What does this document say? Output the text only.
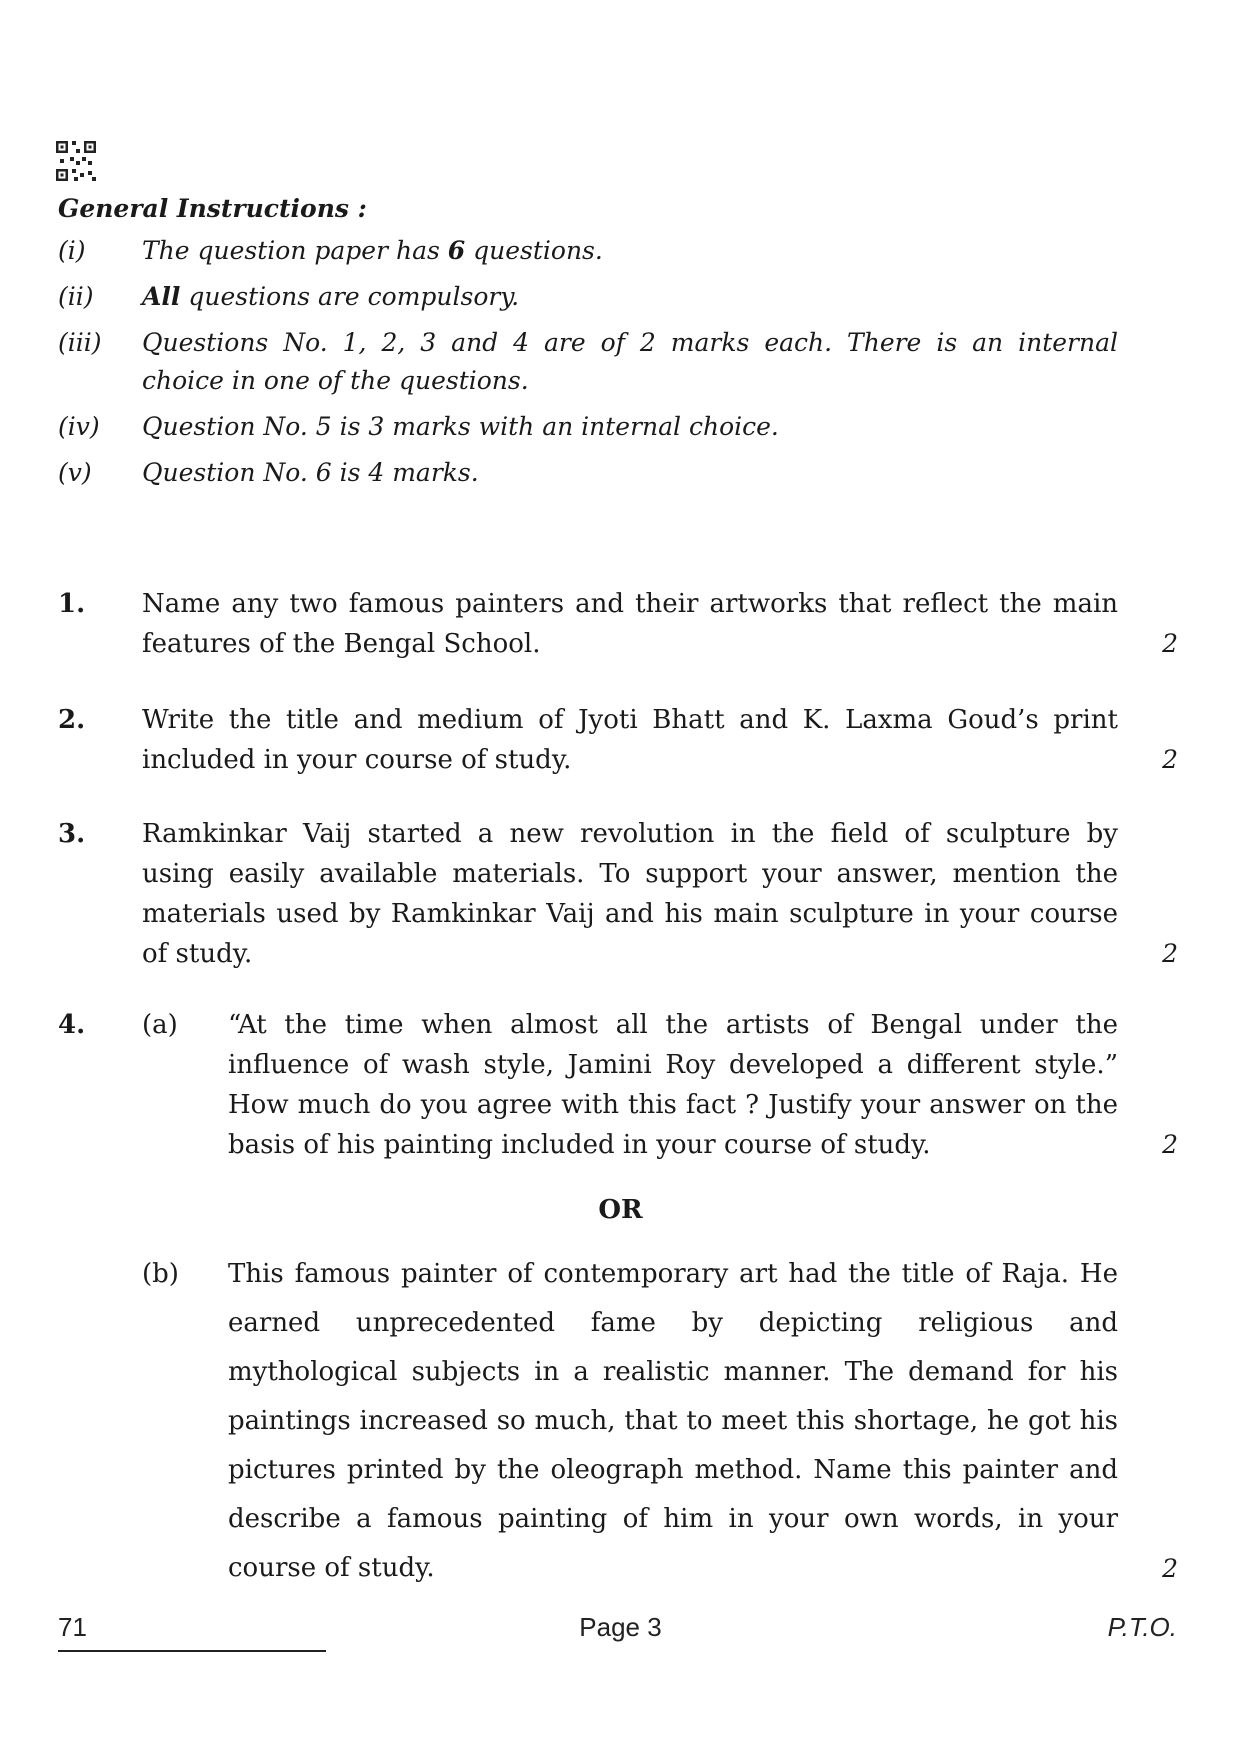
General Instructions :
(i) The question paper has 6 questions.
(ii) All questions are compulsory.
(iii) Questions No. 1, 2, 3 and 4 are of 2 marks each. There is an internal
choice in one of the questions.
(iv) Question No. 5 is 3 marks with an internal choice.
(v) Question No. 6 is 4 marks.
1. Name any two famous painters and their artworks that reflect the main
features of the Bengal School.	2
2. Write the title and medium of Jyoti Bhatt and K. Laxma Goud’s print
included in your course of study.	2
3. Ramkinkar Vaij started a new revolution in the field of sculpture by
using easily available materials. To support your answer, mention the
materials used by Ramkinkar Vaij and his main sculpture in your course
of study.	2
4. (a) “At the time when almost all the artists of Bengal under the
influence of wash style, Jamini Roy developed a different style.”
How much do you agree with this fact ? Justify your answer on the
basis of his painting included in your course of study.	2
OR
(b) This famous painter of contemporary art had the title of Raja. He
earned unprecedented fame by depicting religious and
mythological subjects in a realistic manner. The demand for his
paintings increased so much, that to meet this shortage, he got his
pictures printed by the oleograph method. Name this painter and
describe a famous painting of him in your own words, in your
course of study.	2
71	Page 3	P.T.O.
